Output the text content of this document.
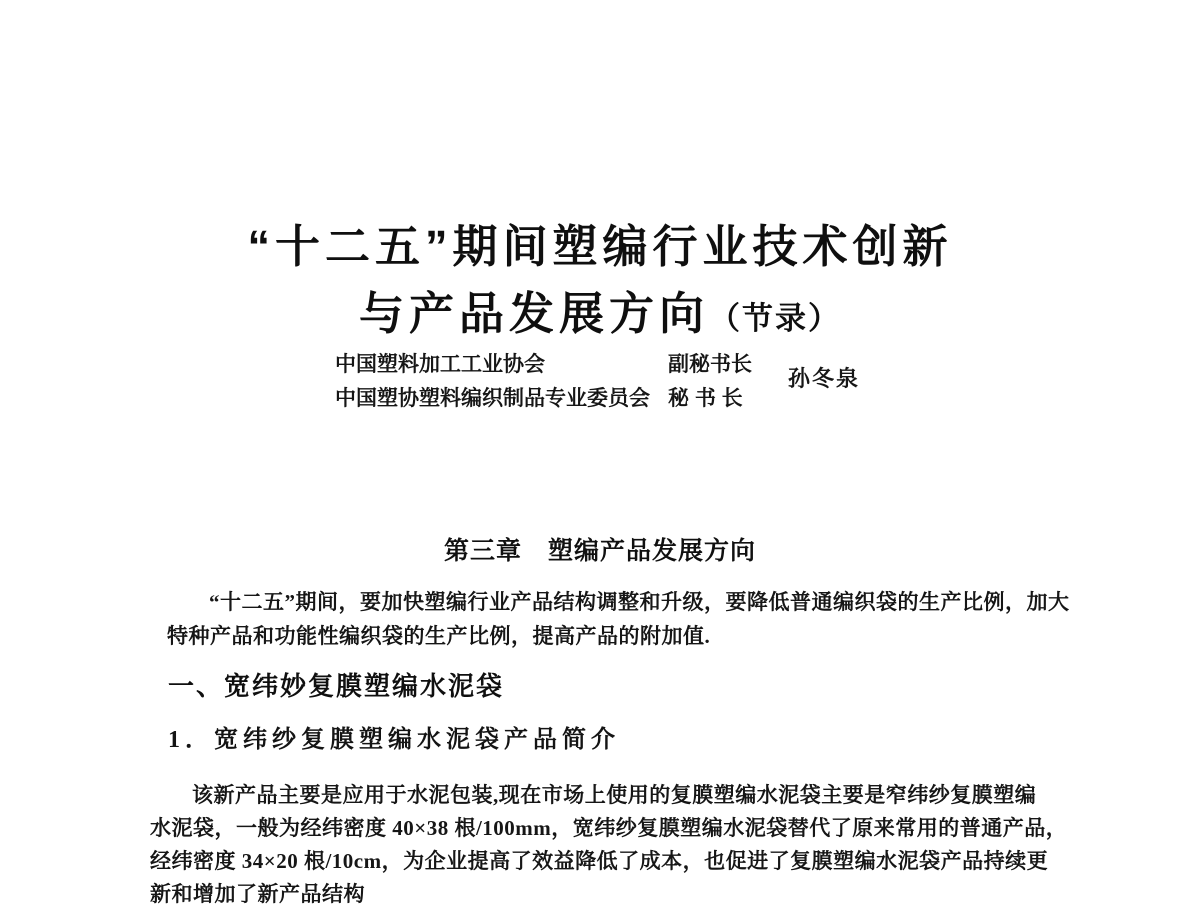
“十二五”期间塑编行业技术创新
与产品发展方向（节录）
中国塑料加工工业协会	副秘书长
中国塑协塑料编织制品专业委员会 秘 书 长
孙冬泉
第三章　塑编产品发展方向
“十二五”期间，要加快塑编行业产品结构调整和升级，要降低普通编织袋的生产比例，加大
特种产品和功能性编织袋的生产比例，提高产品的附加值.
一、宽纬妙复膜塑编水泥袋
1．宽纬纱复膜塑编水泥袋产品简介
该新产品主要是应用于水泥包装,现在市场上使用的复膜塑编水泥袋主要是窄纬纱复膜塑编
水泥袋，一般为经纬密度 40×38 根/100mm，宽纬纱复膜塑编水泥袋替代了原来常用的普通产品，
经纬密度 34×20 根/10cm，为企业提高了效益降低了成本，也促进了复膜塑编水泥袋产品持续更
新和增加了新产品结构
